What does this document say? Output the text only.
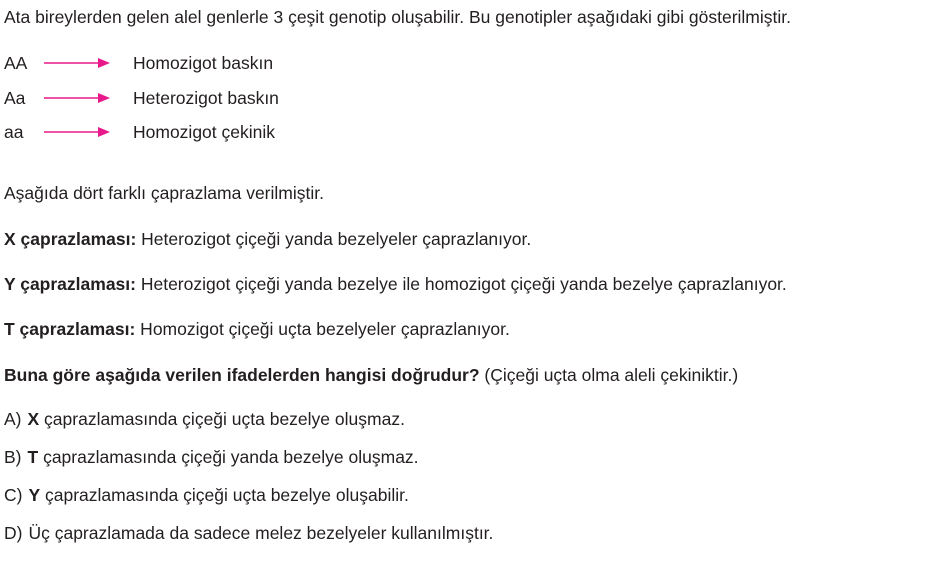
Ata bireylerden gelen alel genlerle 3 çeşit genotip oluşabilir. Bu genotipler aşağıdaki gibi gösterilmiştir.
AA	Homozigot baskın
Aa	Heterozigot baskın
aa	Homozigot çekinik
Aşağıda dört farklı çaprazlama verilmiştir.
X çaprazlaması: Heterozigot çiçeği yanda bezelyeler çaprazlanıyor.
Y çaprazlaması: Heterozigot çiçeği yanda bezelye ile homozigot çiçeği yanda bezelye çaprazlanıyor.
T çaprazlaması: Homozigot çiçeği uçta bezelyeler çaprazlanıyor.
Buna göre aşağıda verilen ifadelerden hangisi doğrudur? (Çiçeği uçta olma aleli çekiniktir.)
A) X çaprazlamasında çiçeği uçta bezelye oluşmaz.
B) T çaprazlamasında çiçeği yanda bezelye oluşmaz.
C) Y çaprazlamasında çiçeği uçta bezelye oluşabilir.
D) Üç çaprazlamada da sadece melez bezelyeler kullanılmıştır.
